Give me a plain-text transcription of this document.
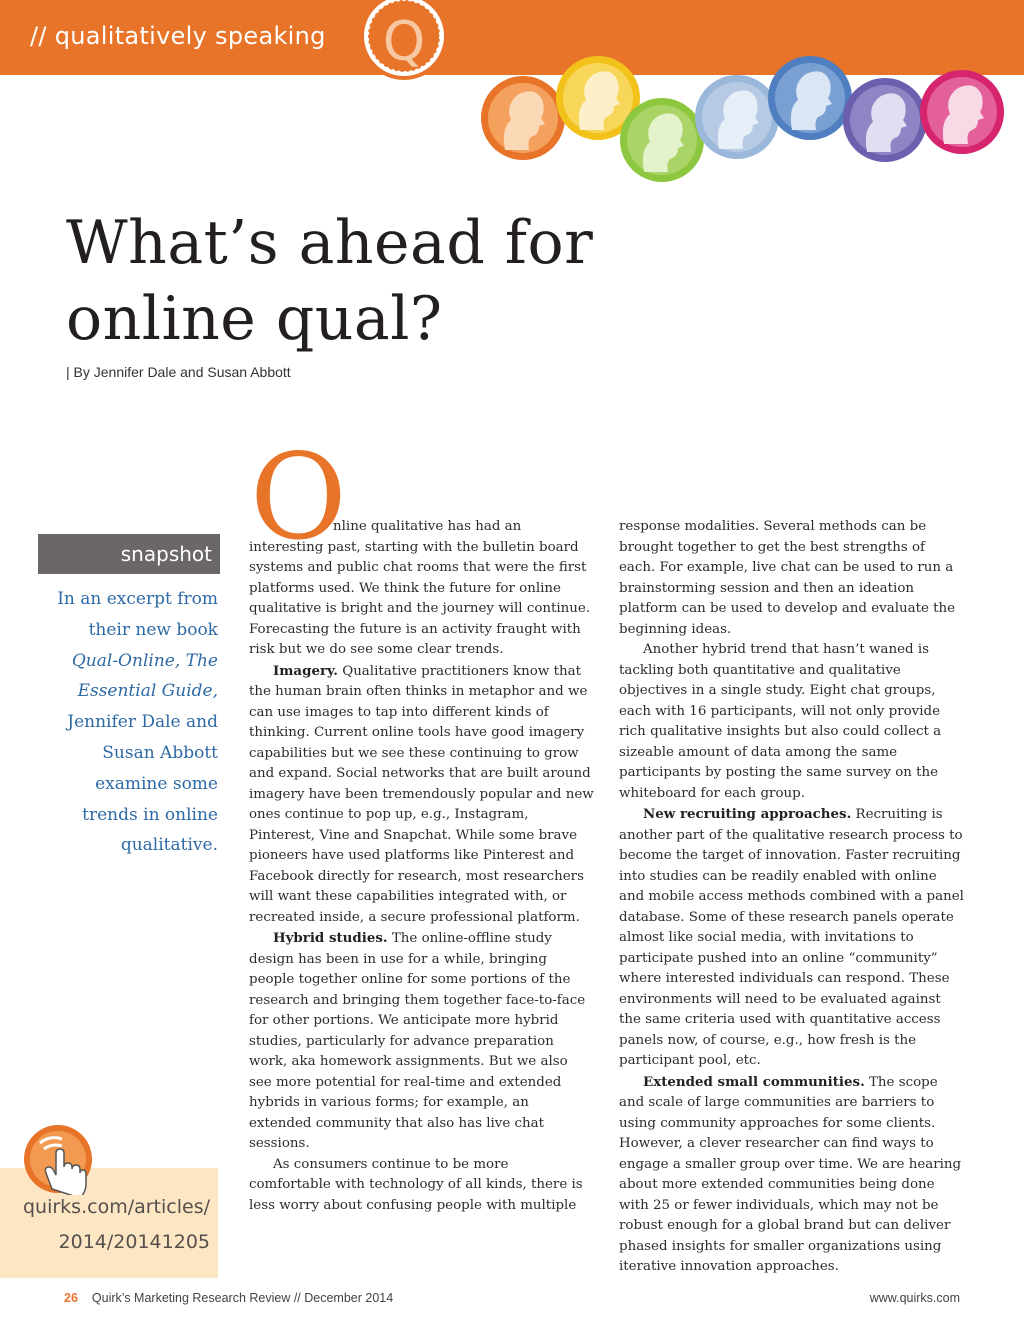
// qualitatively speaking Q
What’s ahead for
online qual?
| By Jennifer Dale and Susan Abbott
snapshot
In an excerpt from their new book Qual-Online, The Essential Guide, Jennifer Dale and Susan Abbott examine some trends in online qualitative.
quirks.com/articles/
2014/20141205
O

nline qualitative has had an interesting past, starting with the bulletin board systems and public chat rooms that were the first platforms used. We think the future for online qualitative is bright and the journey will continue. Forecasting the future is an activity fraught with risk but we do see some clear trends.

Imagery. Qualitative practitioners know that the human brain often thinks in metaphor and we can use images to tap into different kinds of thinking. Current online tools have good imagery capabilities but we see these continuing to grow and expand. Social networks that are built around imagery have been tremendously popular and new ones continue to pop up, e.g., Instagram, Pinterest, Vine and Snapchat. While some brave pioneers have used platforms like Pinterest and Facebook directly for research, most researchers will want these capabilities integrated with, or recreated inside, a secure professional platform.

Hybrid studies. The online-offline study design has been in use for a while, bringing people together online for some portions of the research and bringing them together face-to-face for other portions. We anticipate more hybrid studies, particularly for advance preparation work, aka homework assignments. But we also see more potential for real-time and extended hybrids in various forms; for example, an extended community that also has live chat sessions.

As consumers continue to be more comfortable with technology of all kinds, there is less worry about confusing people with multiple

response modalities. Several methods can be brought together to get the best strengths of each. For example, live chat can be used to run a brainstorming session and then an ideation platform can be used to develop and evaluate the beginning ideas.

Another hybrid trend that hasn’t waned is tackling both quantitative and qualitative objectives in a single study. Eight chat groups, each with 16 participants, will not only provide rich qualitative insights but also could collect a sizeable amount of data among the same participants by posting the same survey on the whiteboard for each group.

New recruiting approaches. Recruiting is another part of the qualitative research process to become the target of innovation. Faster recruiting into studies can be readily enabled with online and mobile access methods combined with a panel database. Some of these research panels operate almost like social media, with invitations to participate pushed into an online “community” where interested individuals can respond. These environments will need to be evaluated against the same criteria used with quantitative access panels now, of course, e.g., how fresh is the participant pool, etc.

Extended small communities. The scope and scale of large communities are barriers to using community approaches for some clients. However, a clever researcher can find ways to engage a smaller group over time. We are hearing about more extended communities being done with 25 or fewer individuals, which may not be robust enough for a global brand but can deliver phased insights for smaller organizations using iterative innovation approaches.

26 Quirk’s Marketing Research Review // December 2014	www.quirks.com
